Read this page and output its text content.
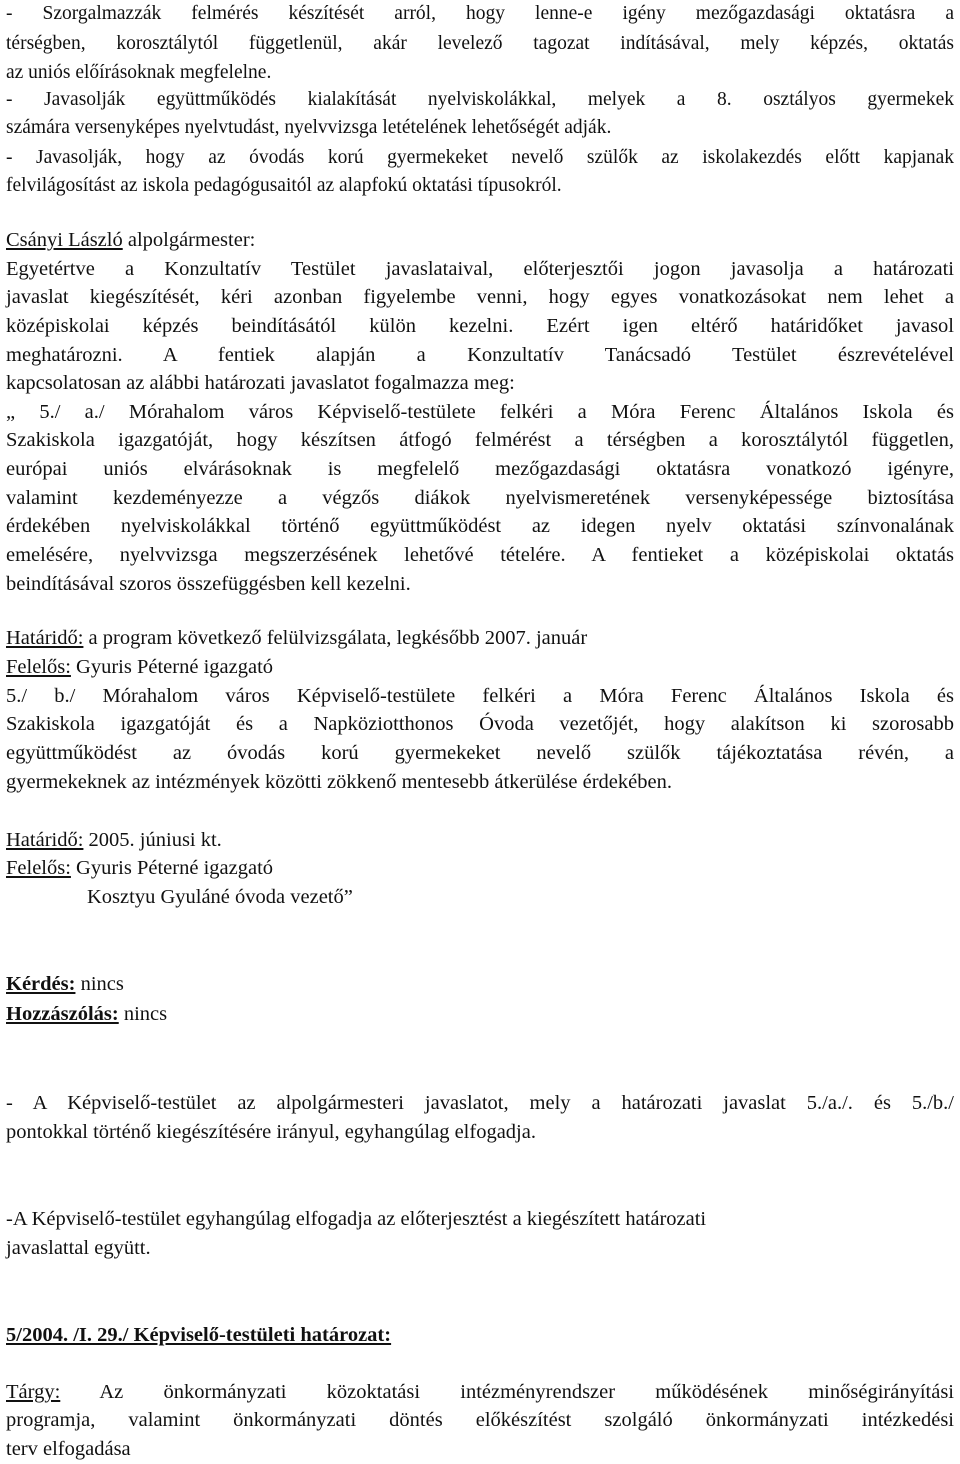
- Szorgalmazzák felmérés készítését arról, hogy lenne-e igény mezőgazdasági oktatásra a
térségben, korosztálytól függetlenül, akár levelező tagozat indításával, mely képzés, oktatás
az uniós előírásoknak megfelelne.
- Javasolják együttműködés kialakítását nyelviskolákkal, melyek a 8. osztályos gyermekek
számára versenyképes nyelvtudást, nyelvvizsga letételének lehetőségét adják.
- Javasolják, hogy az óvodás korú gyermekeket nevelő szülők az iskolakezdés előtt kapjanak
felvilágosítást az iskola pedagógusaitól az alapfokú oktatási típusokról.
Csányi László alpolgármester:
Egyetértve a Konzultatív Testület javaslataival, előterjesztői jogon javasolja a határozati
javaslat kiegészítését, kéri azonban figyelembe venni, hogy egyes vonatkozásokat nem lehet a
középiskolai képzés beindításától külön kezelni. Ezért igen eltérő határidőket javasol
meghatározni. A fentiek alapján a Konzultatív Tanácsadó Testület észrevételével
kapcsolatosan az alábbi határozati javaslatot fogalmazza meg:
„ 5./ a./ Mórahalom város Képviselő-testülete felkéri a Móra Ferenc Általános Iskola és
Szakiskola igazgatóját, hogy készítsen átfogó felmérést a térségben a korosztálytól független,
európai uniós elvárásoknak is megfelelő mezőgazdasági oktatásra vonatkozó igényre,
valamint kezdeményezze a végzős diákok nyelvismeretének versenyképessége biztosítása
érdekében nyelviskolákkal történő együttműködést az idegen nyelv oktatási színvonalának
emelésére, nyelvvizsga megszerzésének lehetővé tételére. A fentieket a középiskolai oktatás
beindításával szoros összefüggésben kell kezelni.
Határidő: a program következő felülvizsgálata, legkésőbb 2007. január
Felelős: Gyuris Péterné igazgató
5./ b./ Mórahalom város Képviselő-testülete felkéri a Móra Ferenc Általános Iskola és
Szakiskola igazgatóját és a Napköziotthonos Óvoda vezetőjét, hogy alakítson ki szorosabb
együttműködést az óvodás korú gyermekeket nevelő szülők tájékoztatása révén, a
gyermekeknek az intézmények közötti zökkenő mentesebb átkerülése érdekében.
Határidő: 2005. júniusi kt.
Felelős: Gyuris Péterné igazgató
Kosztyu Gyuláné óvoda vezető”
Kérdés: nincs
Hozzászólás: nincs
- A Képviselő-testület az alpolgármesteri javaslatot, mely a határozati javaslat 5./a./. és 5./b./
pontokkal történő kiegészítésére irányul, egyhangúlag elfogadja.
-A Képviselő-testület egyhangúlag elfogadja az előterjesztést a kiegészített határozati
javaslattal együtt.
5/2004. /I. 29./ Képviselő-testületi határozat:
Tárgy: Az önkormányzati közoktatási intézményrendszer működésének minőségirányítási
programja, valamint önkormányzati döntés előkészítést szolgáló önkormányzati intézkedési
terv elfogadása
